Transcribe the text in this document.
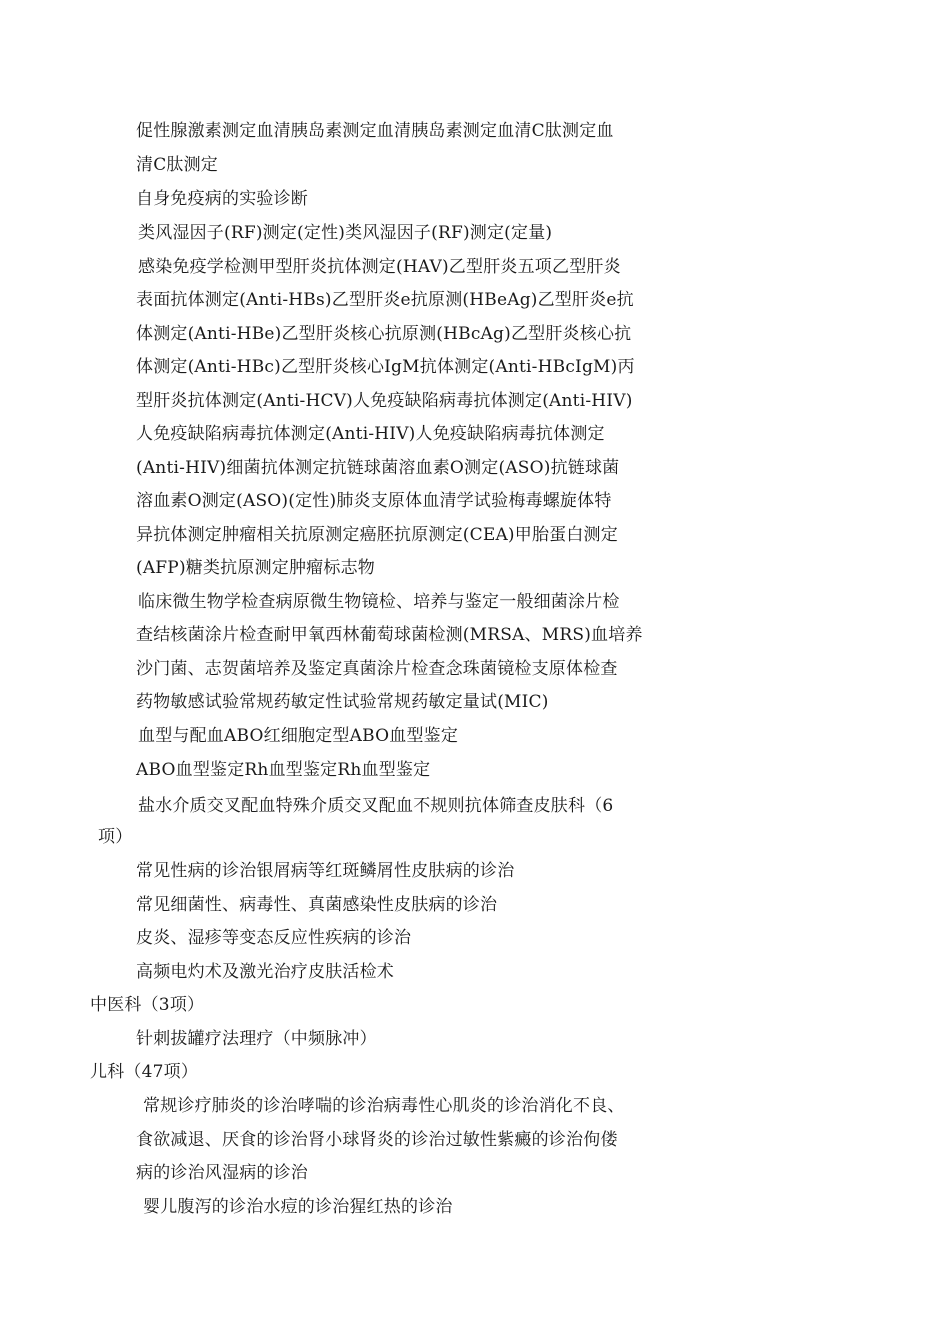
促性腺激素测定血清胰岛素测定血清胰岛素测定血清C肽测定血
清C肽测定
自身免疫病的实验诊断
类风湿因子(RF)测定(定性)类风湿因子(RF)测定(定量)
感染免疫学检测甲型肝炎抗体测定(HAV)乙型肝炎五项乙型肝炎
表面抗体测定(Anti-HBs)乙型肝炎e抗原测(HBeAg)乙型肝炎e抗
体测定(Anti-HBe)乙型肝炎核心抗原测(HBcAg)乙型肝炎核心抗
体测定(Anti-HBc)乙型肝炎核心IgM抗体测定(Anti-HBcIgM)丙
型肝炎抗体测定(Anti-HCV)人免疫缺陷病毒抗体测定(Anti-HIV)
人免疫缺陷病毒抗体测定(Anti-HIV)人免疫缺陷病毒抗体测定
(Anti-HIV)细菌抗体测定抗链球菌溶血素O测定(ASO)抗链球菌
溶血素O测定(ASO)(定性)肺炎支原体血清学试验梅毒螺旋体特
异抗体测定肿瘤相关抗原测定癌胚抗原测定(CEA)甲胎蛋白测定
(AFP)糖类抗原测定肿瘤标志物
临床微生物学检查病原微生物镜检、培养与鉴定一般细菌涂片检
查结核菌涂片检查耐甲氧西林葡萄球菌检测(MRSA、MRS)血培养
沙门菌、志贺菌培养及鉴定真菌涂片检查念珠菌镜检支原体检查
药物敏感试验常规药敏定性试验常规药敏定量试(MIC)
血型与配血ABO红细胞定型ABO血型鉴定
ABO血型鉴定Rh血型鉴定Rh血型鉴定
盐水介质交叉配血特殊介质交叉配血不规则抗体筛查皮肤科（6
项）
常见性病的诊治银屑病等红斑鳞屑性皮肤病的诊治
常见细菌性、病毒性、真菌感染性皮肤病的诊治
皮炎、湿疹等变态反应性疾病的诊治
高频电灼术及激光治疗皮肤活检术
中医科（3项）
针刺拔罐疗法理疗（中频脉冲）
儿科（47项）
常规诊疗肺炎的诊治哮喘的诊治病毒性心肌炎的诊治消化不良、
食欲减退、厌食的诊治肾小球肾炎的诊治过敏性紫癜的诊治佝偻
病的诊治风湿病的诊治
婴儿腹泻的诊治水痘的诊治猩红热的诊治
